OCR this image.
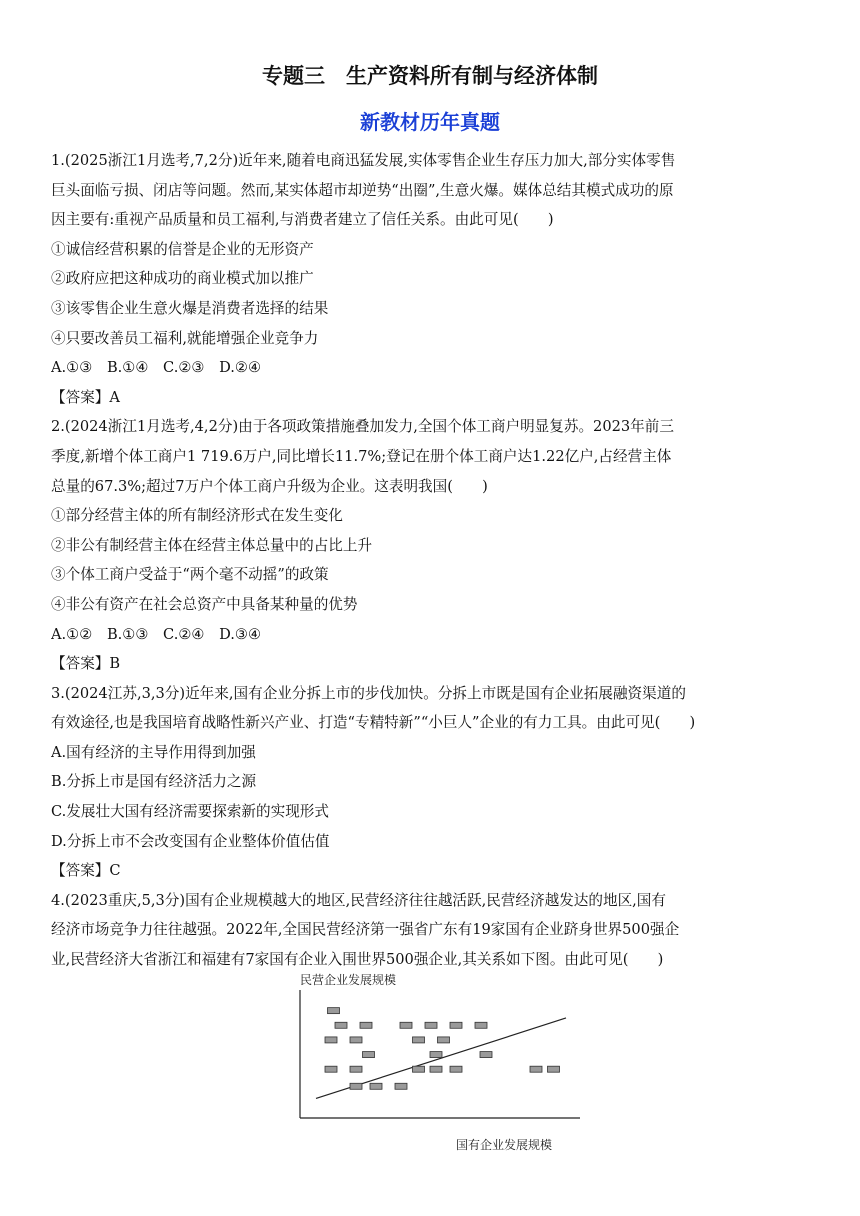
专题三　生产资料所有制与经济体制
新教材历年真题
1.(2025浙江1月选考,7,2分)近年来,随着电商迅猛发展,实体零售企业生存压力加大,部分实体零售
巨头面临亏损、闭店等问题。然而,某实体超市却逆势“出圈”,生意火爆。媒体总结其模式成功的原
因主要有:重视产品质量和员工福利,与消费者建立了信任关系。由此可见(　　)
①诚信经营积累的信誉是企业的无形资产
②政府应把这种成功的商业模式加以推广
③该零售企业生意火爆是消费者选择的结果
④只要改善员工福利,就能增强企业竞争力
A.①③　B.①④　C.②③　D.②④
【答案】A
2.(2024浙江1月选考,4,2分)由于各项政策措施叠加发力,全国个体工商户明显复苏。2023年前三
季度,新增个体工商户1 719.6万户,同比增长11.7%;登记在册个体工商户达1.22亿户,占经营主体
总量的67.3%;超过7万户个体工商户升级为企业。这表明我国(　　)
①部分经营主体的所有制经济形式在发生变化
②非公有制经营主体在经营主体总量中的占比上升
③个体工商户受益于“两个毫不动摇”的政策
④非公有资产在社会总资产中具备某种量的优势
A.①②　B.①③　C.②④　D.③④
【答案】B
3.(2024江苏,3,3分)近年来,国有企业分拆上市的步伐加快。分拆上市既是国有企业拓展融资渠道的
有效途径,也是我国培育战略性新兴产业、打造“专精特新”“小巨人”企业的有力工具。由此可见(　　)
A.国有经济的主导作用得到加强
B.分拆上市是国有经济活力之源
C.发展壮大国有经济需要探索新的实现形式
D.分拆上市不会改变国有企业整体价值估值
【答案】C
4.(2023重庆,5,3分)国有企业规模越大的地区,民营经济往往越活跃,民营经济越发达的地区,国有
经济市场竞争力往往越强。2022年,全国民营经济第一强省广东有19家国有企业跻身世界500强企
业,民营经济大省浙江和福建有7家国有企业入围世界500强企业,其关系如下图。由此可见(　　)
民营企业发展规模
国有企业发展规模
